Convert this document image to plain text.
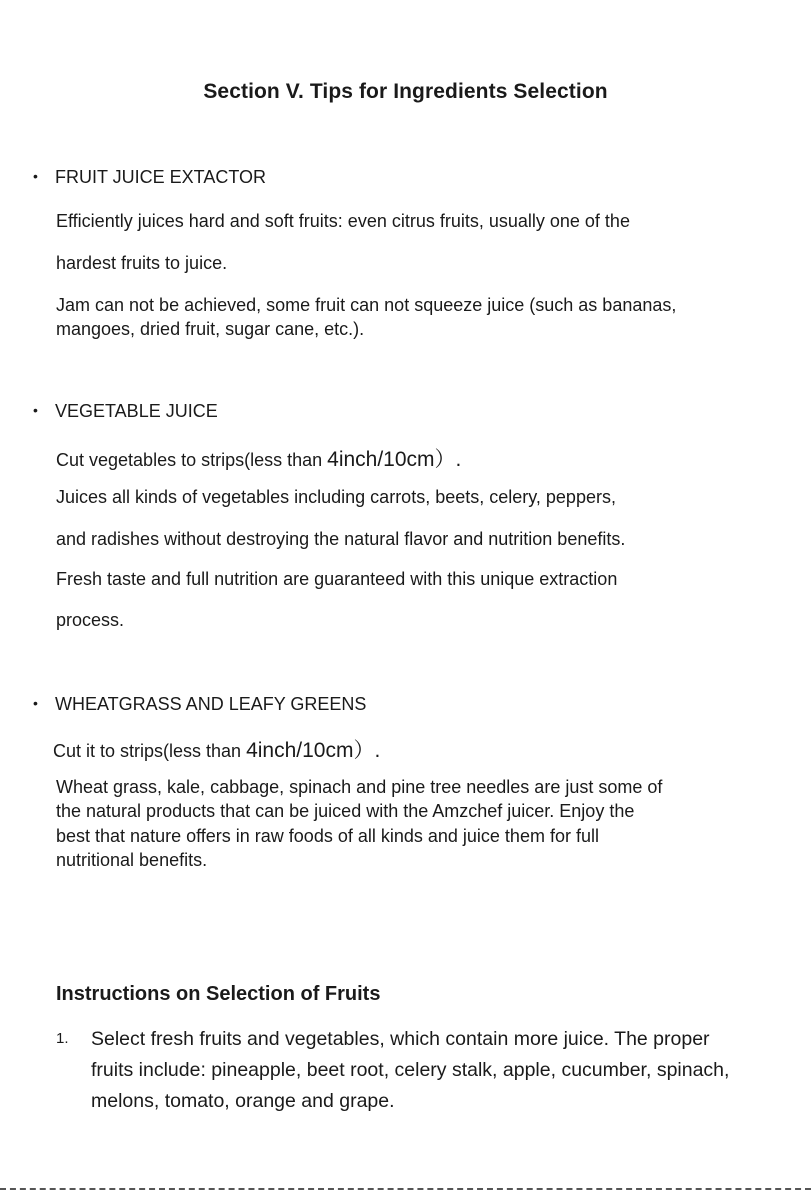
Section V. Tips for Ingredients Selection
• FRUIT JUICE EXTACTOR
Efficiently juices hard and soft fruits: even citrus fruits, usually one of the
hardest fruits to juice.
Jam can not be achieved, some fruit can not squeeze juice (such as bananas,
mangoes, dried fruit, sugar cane, etc.).
• VEGETABLE JUICE
Cut vegetables to strips(less than 4inch/10cm）.
Juices all kinds of vegetables including carrots, beets, celery, peppers,
and radishes without destroying the natural flavor and nutrition benefits.
Fresh taste and full nutrition are guaranteed with this unique extraction
process.
• WHEATGRASS AND LEAFY GREENS
Cut it to strips(less than 4inch/10cm）.
Wheat grass, kale, cabbage, spinach and pine tree needles are just some of
the natural products that can be juiced with the Amzchef juicer. Enjoy the
best that nature offers in raw foods of all kinds and juice them for full
nutritional benefits.
Instructions on Selection of Fruits
1. Select fresh fruits and vegetables, which contain more juice. The proper
fruits include: pineapple, beet root, celery stalk, apple, cucumber, spinach,
melons, tomato, orange and grape.
